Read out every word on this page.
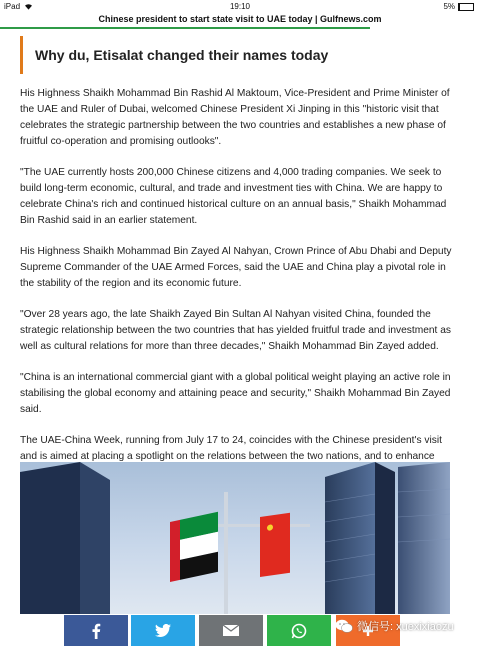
iPad	19:10	5%
Chinese president to start state visit to UAE today | Gulfnews.com
Why du, Etisalat changed their names today

His Highness Shaikh Mohammad Bin Rashid Al Maktoum, Vice-President and Prime Minister of the UAE and Ruler of Dubai, welcomed Chinese President Xi Jinping in this "historic visit that celebrates the strategic partnership between the two countries and establishes a new phase of fruitful co-operation and promising outlooks".

"The UAE currently hosts 200,000 Chinese citizens and 4,000 trading companies. We seek to build long-term economic, cultural, and trade and investment ties with China. We are happy to celebrate China's rich and continued historical culture on an annual basis," Shaikh Mohammad Bin Rashid said in an earlier statement.

His Highness Shaikh Mohammad Bin Zayed Al Nahyan, Crown Prince of Abu Dhabi and Deputy Supreme Commander of the UAE Armed Forces, said the UAE and China play a pivotal role in the stability of the region and its economic future.

"Over 28 years ago, the late Shaikh Zayed Bin Sultan Al Nahyan visited China, founded the strategic relationship between the two countries that has yielded fruitful trade and investment as well as cultural relations for more than three decades," Shaikh Mohammad Bin Zayed added.

"China is an international commercial giant with a global political weight playing an active role in stabilising the global economy and attaining peace and security," Shaikh Mohammad Bin Zayed said.

The UAE-China Week, running from July 17 to 24, coincides with the Chinese president's visit and is aimed at placing a spotlight on the relations between the two nations, and to enhance

微信号: xuexixiaozu
